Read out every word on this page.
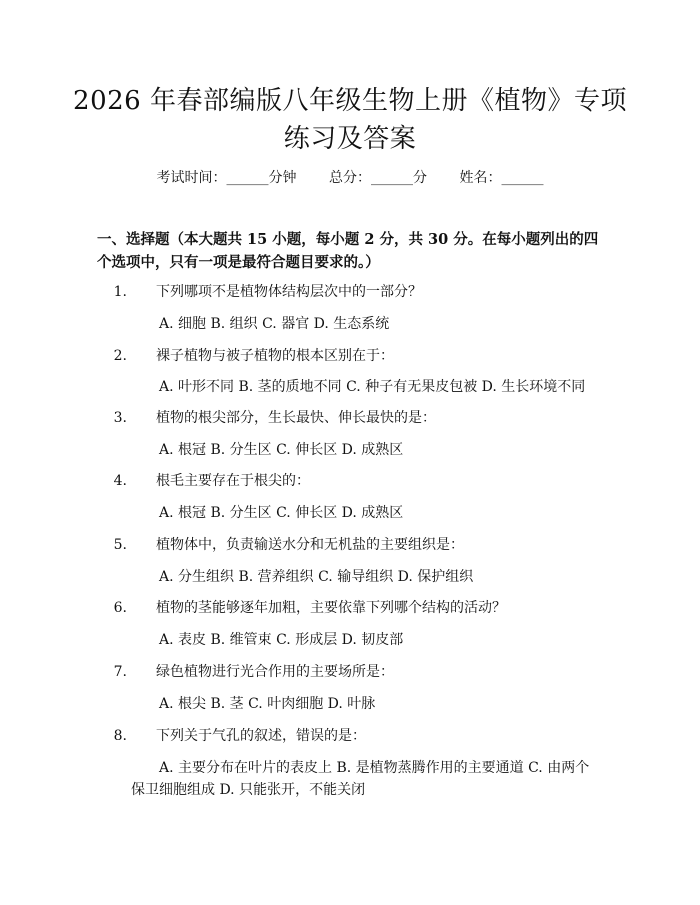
2026 年春部编版八年级生物上册《植物》专项练习及答案
考试时间：______分钟 总分：______分 姓名：______
一、选择题（本大题共 15 小题，每小题 2 分，共 30 分。在每小题列出的四个选项中，只有一项是最符合题目要求的。）
1. 下列哪项不是植物体结构层次中的一部分？
A. 细胞 B. 组织 C. 器官 D. 生态系统
2. 裸子植物与被子植物的根本区别在于：
A. 叶形不同 B. 茎的质地不同 C. 种子有无果皮包被 D. 生长环境不同
3. 植物的根尖部分，生长最快、伸长最快的是：
A. 根冠 B. 分生区 C. 伸长区 D. 成熟区
4. 根毛主要存在于根尖的：
A. 根冠 B. 分生区 C. 伸长区 D. 成熟区
5. 植物体中，负责输送水分和无机盐的主要组织是：
A. 分生组织 B. 营养组织 C. 输导组织 D. 保护组织
6. 植物的茎能够逐年加粗，主要依靠下列哪个结构的活动？
A. 表皮 B. 维管束 C. 形成层 D. 韧皮部
7. 绿色植物进行光合作用的主要场所是：
A. 根尖 B. 茎 C. 叶肉细胞 D. 叶脉
8. 下列关于气孔的叙述，错误的是：
A. 主要分布在叶片的表皮上 B. 是植物蒸腾作用的主要通道 C. 由两个保卫细胞组成 D. 只能张开，不能关闭
